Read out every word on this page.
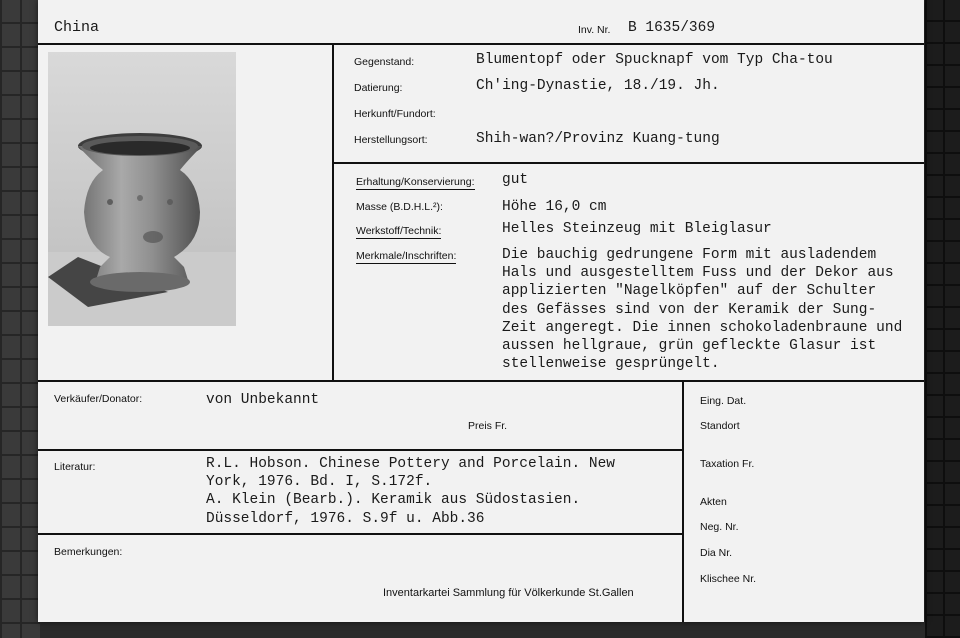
China	Inv. Nr. B 1635/369
Gegenstand:	Blumentopf oder Spucknapf vom Typ Cha-tou
Datierung:	Ch'ing-Dynastie, 18./19. Jh.
Herkunft/Fundort:
Herstellungsort:	Shih-wan?/Provinz Kuang-tung
Erhaltung/Konservierung: gut
Masse (B.D.H.L.²):	Höhe 16,0 cm
Werkstoff/Technik:	Helles Steinzeug mit Bleiglasur
Merkmale/Inschriften:	Die bauchig gedrungene Form mit ausladendem
Hals und ausgestelltem Fuss und der Dekor aus
applizierten "Nagelköpfen" auf der Schulter
des Gefässes sind von der Keramik der Sung-
Zeit angeregt. Die innen schokoladenbraune und
aussen hellgraue, grün gefleckte Glasur ist
stellenweise gesprüngelt.
Verkäufer/Donator:	von Unbekannt
Preis Fr.
Literatur:	R.L. Hobson. Chinese Pottery and Porcelain. New
York, 1976. Bd. I, S.172f.
A. Klein (Bearb.). Keramik aus Südostasien.
Düsseldorf, 1976. S.9f u. Abb.36
Bemerkungen:
Inventarkartei Sammlung für Völkerkunde St.Gallen
Eing. Dat.
Standort
Taxation Fr.
Akten
Neg. Nr.
Dia Nr.
Klischee Nr.
